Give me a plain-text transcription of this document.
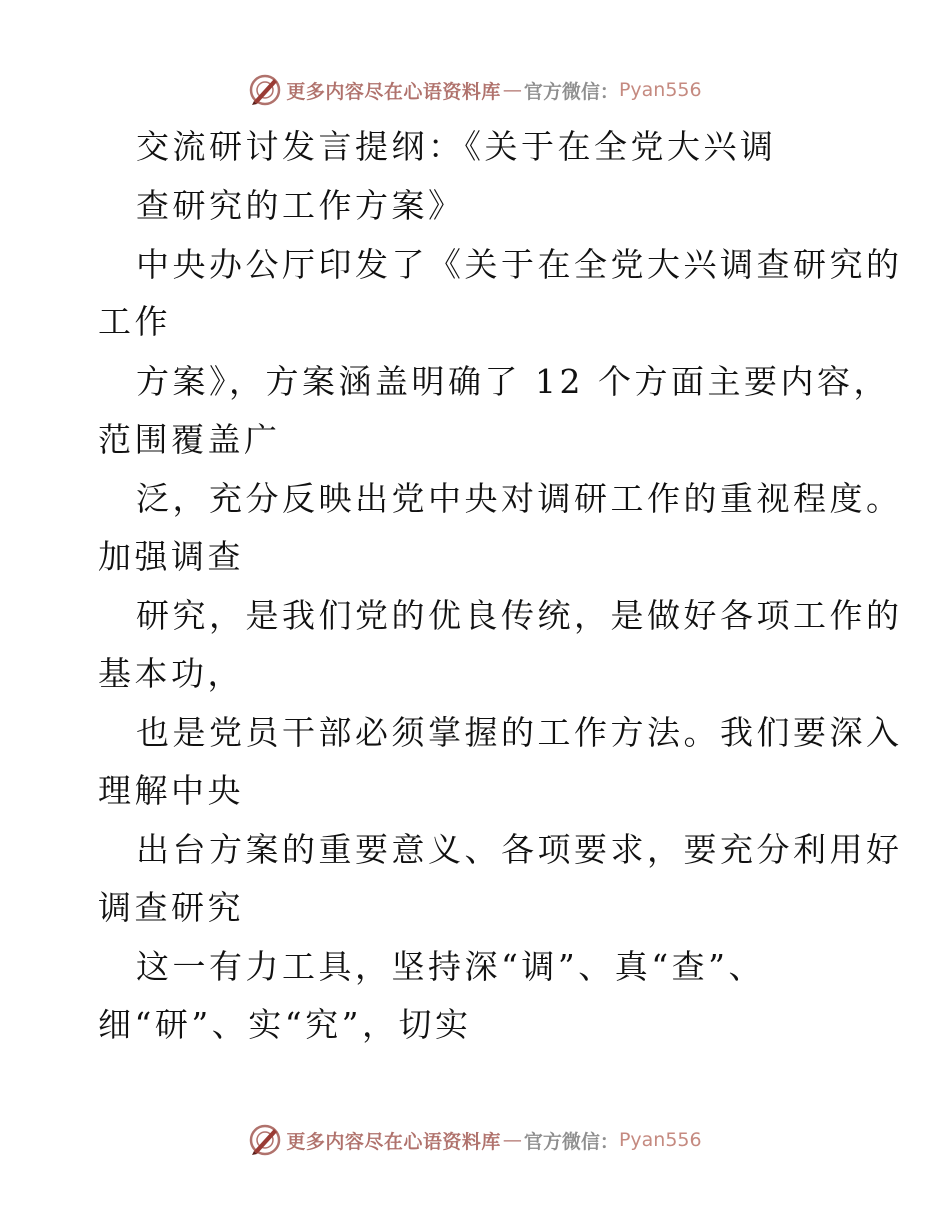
更多内容尽在心语资料库 — 官方微信： Pyan556
交流研讨发言提纲：《关于在全党大兴调
查研究的工作方案》
中央办公厅印发了《关于在全党大兴调查研究的
工作
方案》，方案涵盖明确了 12 个方面主要内容，
范围覆盖广
泛，充分反映出党中央对调研工作的重视程度。
加强调查
研究，是我们党的优良传统，是做好各项工作的
基本功，
也是党员干部必须掌握的工作方法。我们要深入
理解中央
出台方案的重要意义、各项要求，要充分利用好
调查研究
这一有力工具，坚持深“调”、真“查”、
细“研”、实“究”，切实
更多内容尽在心语资料库 — 官方微信： Pyan556
